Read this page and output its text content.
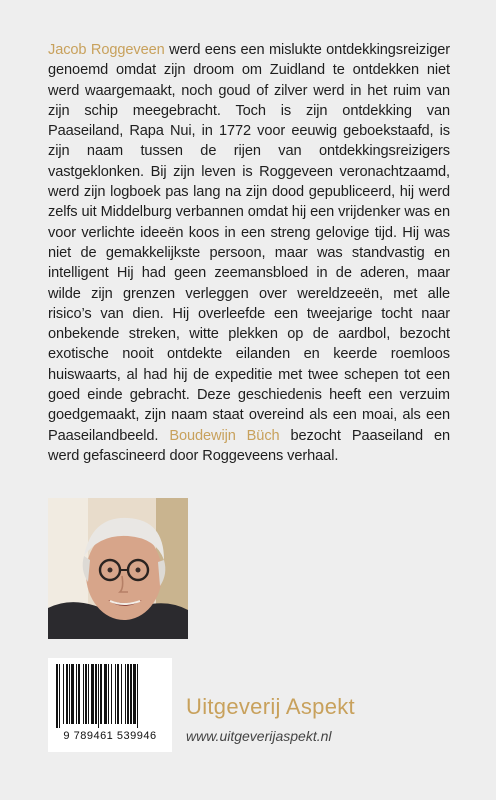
Jacob Roggeveen werd eens een mislukte ontdekkingsreiziger genoemd omdat zijn droom om Zuidland te ontdekken niet werd waargemaakt, noch goud of zilver werd in het ruim van zijn schip meegebracht. Toch is zijn ontdekking van Paaseiland, Rapa Nui, in 1772 voor eeuwig geboekstaafd, is zijn naam tussen de rijen van ontdekkingsreizigers vastgeklonken. Bij zijn leven is Roggeveen veronachtzaamd, werd zijn logboek pas lang na zijn dood gepubliceerd, hij werd zelfs uit Middelburg verbannen omdat hij een vrijdenker was en voor verlichte ideeën koos in een streng gelovige tijd. Hij was niet de gemakkelijkste persoon, maar was standvastig en intelligent Hij had geen zeemansbloed in de aderen, maar wilde zijn grenzen verleggen over wereldzeeën, met alle risico’s van dien. Hij overleefde een tweejarige tocht naar onbekende streken, witte plekken op de aardbol, bezocht exotische nooit ontdekte eilanden en keerde roemloos huiswaarts, al had hij de expeditie met twee schepen tot een goed einde gebracht. Deze geschiedenis heeft een verzuim goedgemaakt, zijn naam staat overeind als een moai, als een Paaseilandbeeld. Boudewijn Büch bezocht Paaseiland en werd gefascineerd door Roggeveens verhaal.
9 789461 539946
Uitgeverij Aspekt
www.uitgeverijaspekt.nl
